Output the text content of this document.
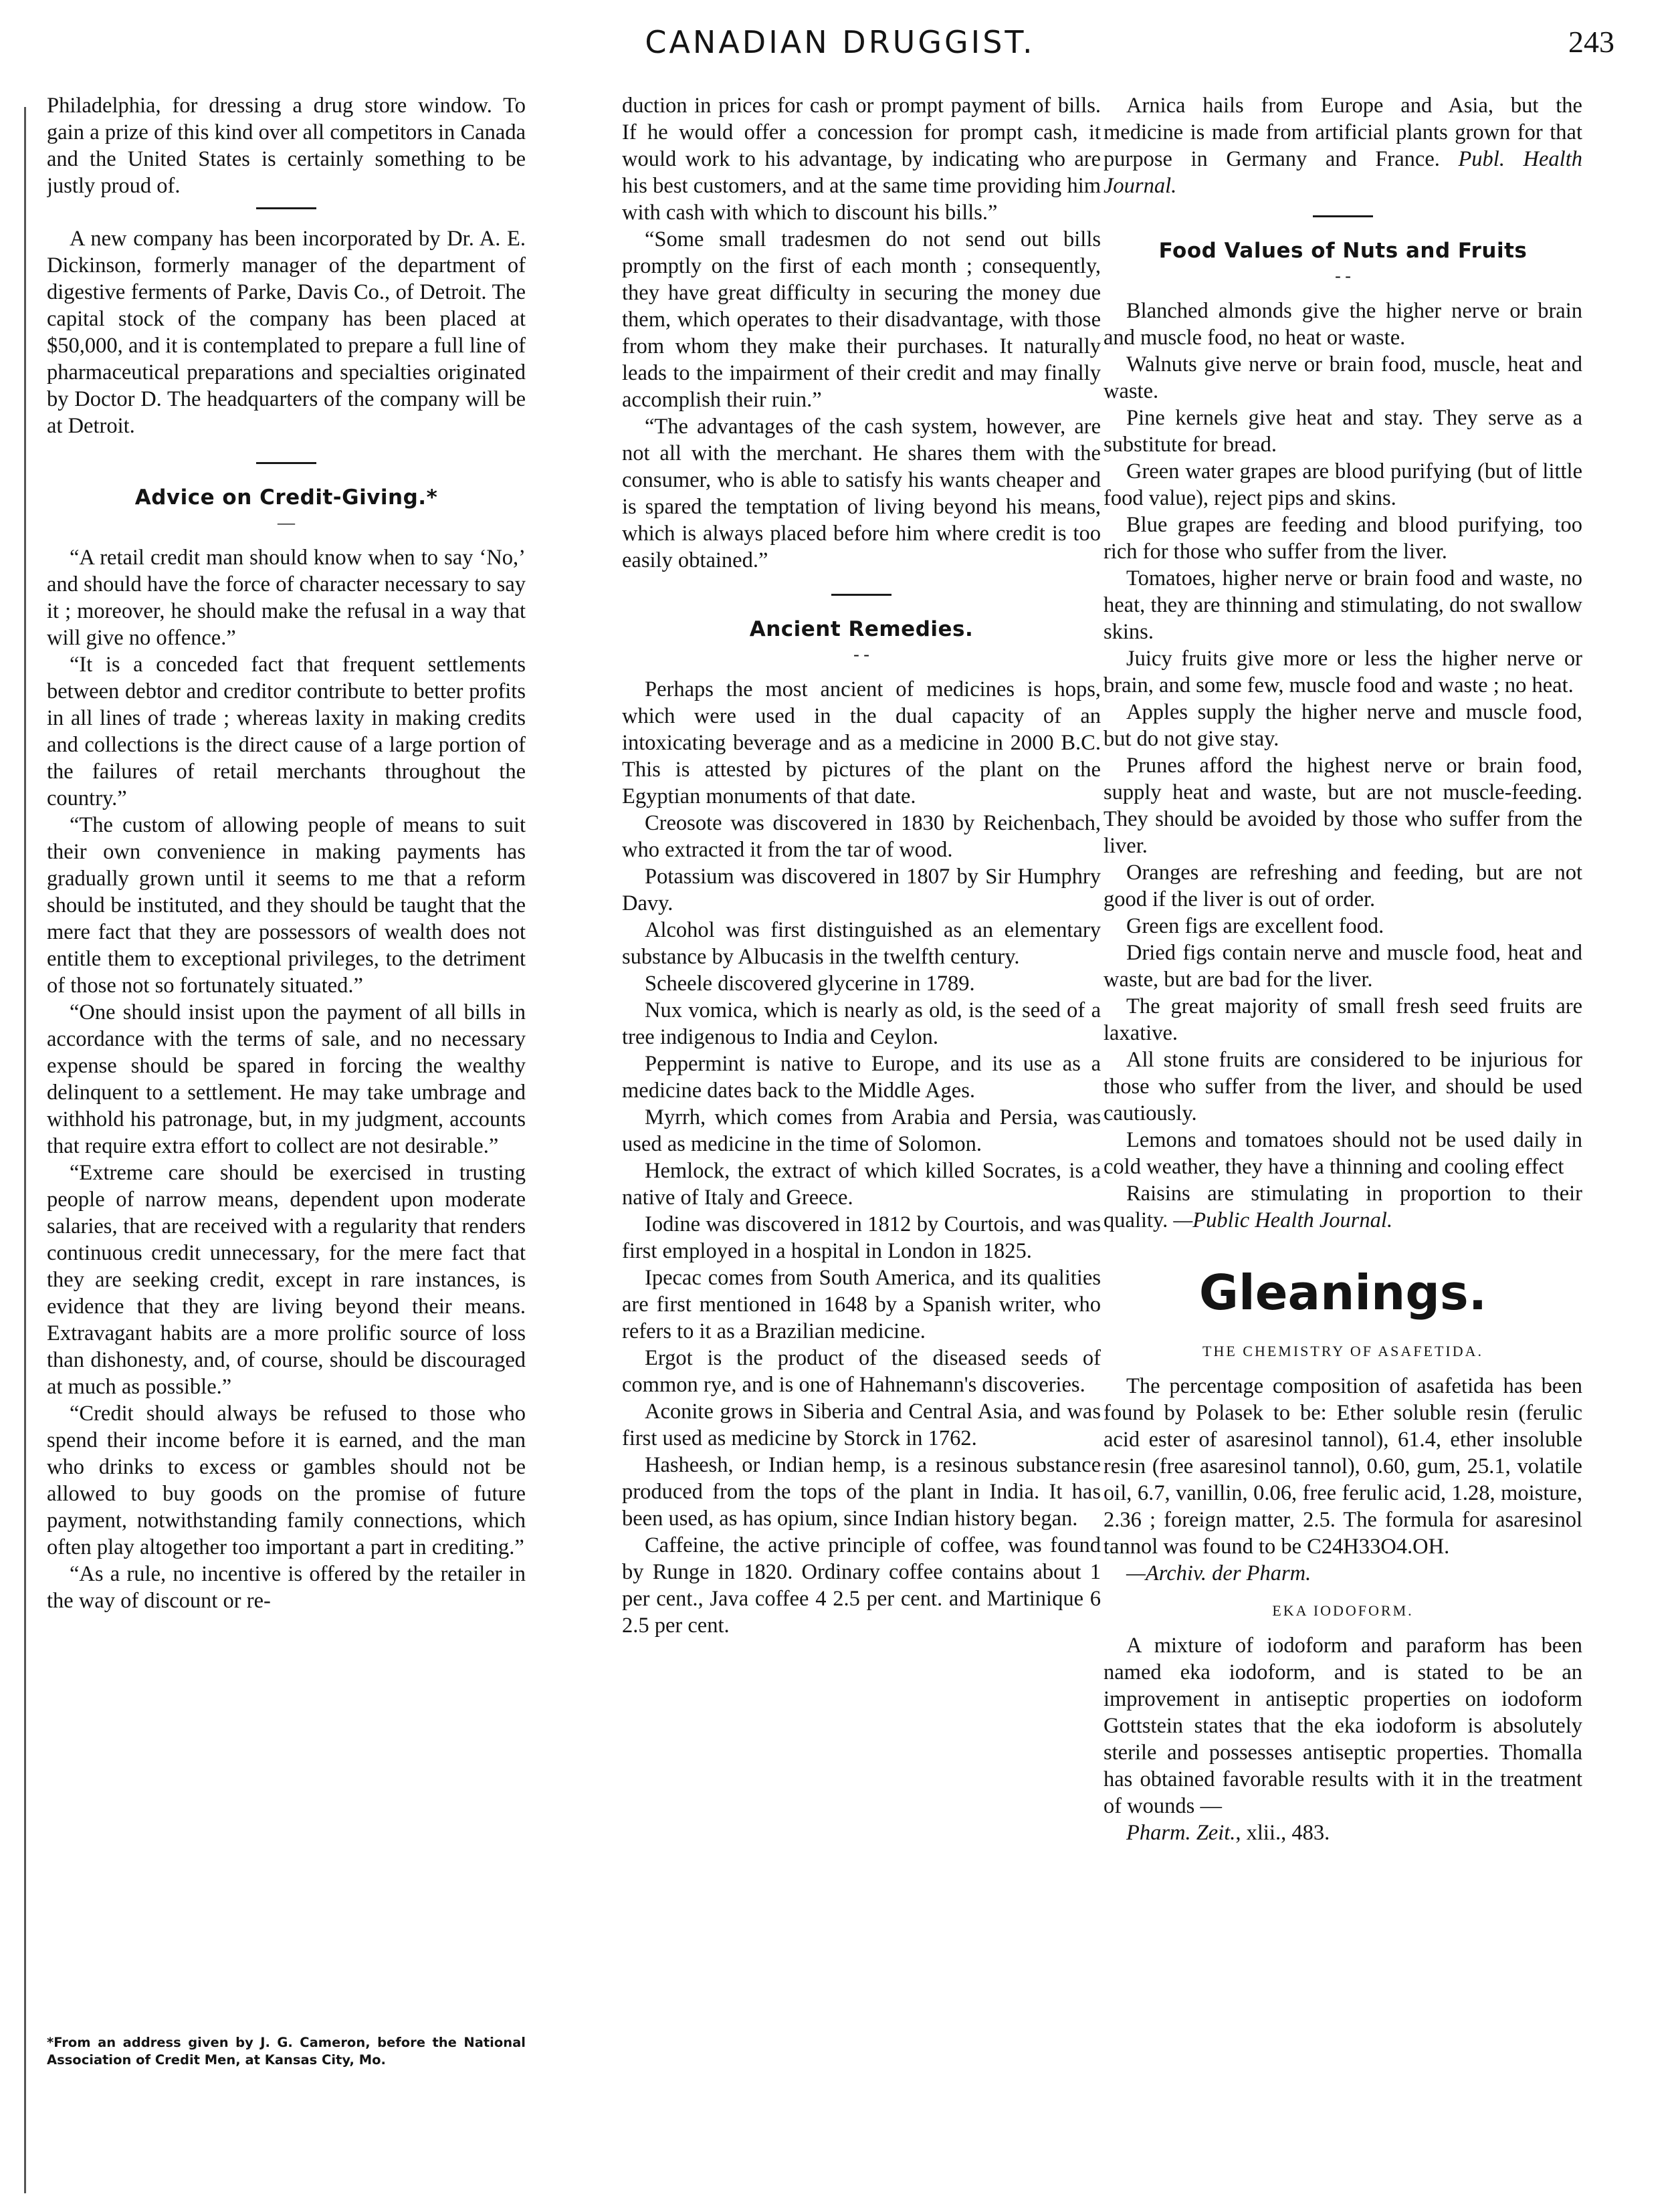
CANADIAN DRUGGIST.	243

Philadelphia, for dressing a drug store window. To gain a prize of this kind over all competitors in Canada and the United States is certainly something to be justly proud of.

A new company has been incorporated by Dr. A. E. Dickinson, formerly manager of the department of digestive ferments of Parke, Davis Co., of Detroit. The capital stock of the company has been placed at $50,000, and it is contemplated to prepare a full line of pharmaceutical preparations and specialties originated by Doctor D. The headquarters of the company will be at Detroit.

Advice on Credit-Giving.*
—

“A retail credit man should know when to say ‘No,’ and should have the force of character necessary to say it ; moreover, he should make the refusal in a way that will give no offence.”

“It is a conceded fact that frequent settlements between debtor and creditor contribute to better profits in all lines of trade ; whereas laxity in making credits and collections is the direct cause of a large portion of the failures of retail merchants throughout the country.”

“The custom of allowing people of means to suit their own convenience in making payments has gradually grown until it seems to me that a reform should be instituted, and they should be taught that the mere fact that they are possessors of wealth does not entitle them to exceptional privileges, to the detriment of those not so fortunately situated.”

“One should insist upon the payment of all bills in accordance with the terms of sale, and no necessary expense should be spared in forcing the wealthy delinquent to a settlement. He may take umbrage and withhold his patronage, but, in my judgment, accounts that require extra effort to collect are not desirable.”

“Extreme care should be exercised in trusting people of narrow means, dependent upon moderate salaries, that are received with a regularity that renders continuous credit unnecessary, for the mere fact that they are seeking credit, except in rare instances, is evidence that they are living beyond their means. Extravagant habits are a more prolific source of loss than dishonesty, and, of course, should be discouraged at much as possible.”

“Credit should always be refused to those who spend their income before it is earned, and the man who drinks to excess or gambles should not be allowed to buy goods on the promise of future payment, notwithstanding family connections, which often play altogether too important a part in crediting.”

“As a rule, no incentive is offered by the retailer in the way of discount or re-

*From an address given by J. G. Cameron, before the National Association of Credit Men, at Kansas City, Mo.

duction in prices for cash or prompt payment of bills. If he would offer a concession for prompt cash, it would work to his advantage, by indicating who are his best customers, and at the same time providing him with cash with which to discount his bills.”

“Some small tradesmen do not send out bills promptly on the first of each month ; consequently, they have great difficulty in securing the money due them, which operates to their disadvantage, with those from whom they make their purchases. It naturally leads to the impairment of their credit and may finally accomplish their ruin.”

“The advantages of the cash system, however, are not all with the merchant. He shares them with the consumer, who is able to satisfy his wants cheaper and is spared the temptation of living beyond his means, which is always placed before him where credit is too easily obtained.”

Ancient Remedies.
- -

Perhaps the most ancient of medicines is hops, which were used in the dual capacity of an intoxicating beverage and as a medicine in 2000 B.C. This is attested by pictures of the plant on the Egyptian monuments of that date.

Creosote was discovered in 1830 by Reichenbach, who extracted it from the tar of wood.

Potassium was discovered in 1807 by Sir Humphry Davy.

Alcohol was first distinguished as an elementary substance by Albucasis in the twelfth century.

Scheele discovered glycerine in 1789.

Nux vomica, which is nearly as old, is the seed of a tree indigenous to India and Ceylon.

Peppermint is native to Europe, and its use as a medicine dates back to the Middle Ages.

Myrrh, which comes from Arabia and Persia, was used as medicine in the time of Solomon.

Hemlock, the extract of which killed Socrates, is a native of Italy and Greece.

Iodine was discovered in 1812 by Courtois, and was first employed in a hospital in London in 1825.

Ipecac comes from South America, and its qualities are first mentioned in 1648 by a Spanish writer, who refers to it as a Brazilian medicine.

Ergot is the product of the diseased seeds of common rye, and is one of Hahnemann's discoveries.

Aconite grows in Siberia and Central Asia, and was first used as medicine by Storck in 1762.

Hasheesh, or Indian hemp, is a resinous substance produced from the tops of the plant in India. It has been used, as has opium, since Indian history began.

Caffeine, the active principle of coffee, was found by Runge in 1820. Ordinary coffee contains about 1 per cent., Java coffee 4 2.5 per cent. and Martinique 6 2.5 per cent.

Arnica hails from Europe and Asia, but the medicine is made from artificial plants grown for that purpose in Germany and France. Publ. Health Journal.

Food Values of Nuts and Fruits
- -

Blanched almonds give the higher nerve or brain and muscle food, no heat or waste.

Walnuts give nerve or brain food, muscle, heat and waste.

Pine kernels give heat and stay. They serve as a substitute for bread.

Green water grapes are blood purifying (but of little food value), reject pips and skins.

Blue grapes are feeding and blood purifying, too rich for those who suffer from the liver.

Tomatoes, higher nerve or brain food and waste, no heat, they are thinning and stimulating, do not swallow skins.

Juicy fruits give more or less the higher nerve or brain, and some few, muscle food and waste ; no heat.

Apples supply the higher nerve and muscle food, but do not give stay.

Prunes afford the highest nerve or brain food, supply heat and waste, but are not muscle-feeding. They should be avoided by those who suffer from the liver.

Oranges are refreshing and feeding, but are not good if the liver is out of order.

Green figs are excellent food.

Dried figs contain nerve and muscle food, heat and waste, but are bad for the liver.

The great majority of small fresh seed fruits are laxative.

All stone fruits are considered to be injurious for those who suffer from the liver, and should be used cautiously.

Lemons and tomatoes should not be used daily in cold weather, they have a thinning and cooling effect

Raisins are stimulating in proportion to their quality. —Public Health Journal.

Gleanings.
THE CHEMISTRY OF ASAFETIDA.

The percentage composition of asafetida has been found by Polasek to be: Ether soluble resin (ferulic acid ester of asaresinol tannol), 61.4, ether insoluble resin (free asaresinol tannol), 0.60, gum, 25.1, volatile oil, 6.7, vanillin, 0.06, free ferulic acid, 1.28, moisture, 2.36 ; foreign matter, 2.5. The formula for asaresinol tannol was found to be C24H33O4.OH.

—Archiv. der Pharm.

EKA IODOFORM.

A mixture of iodoform and paraform has been named eka iodoform, and is stated to be an improvement in antiseptic properties on iodoform Gottstein states that the eka iodoform is absolutely sterile and possesses antiseptic properties. Thomalla has obtained favorable results with it in the treatment of wounds —

Pharm. Zeit., xlii., 483.
